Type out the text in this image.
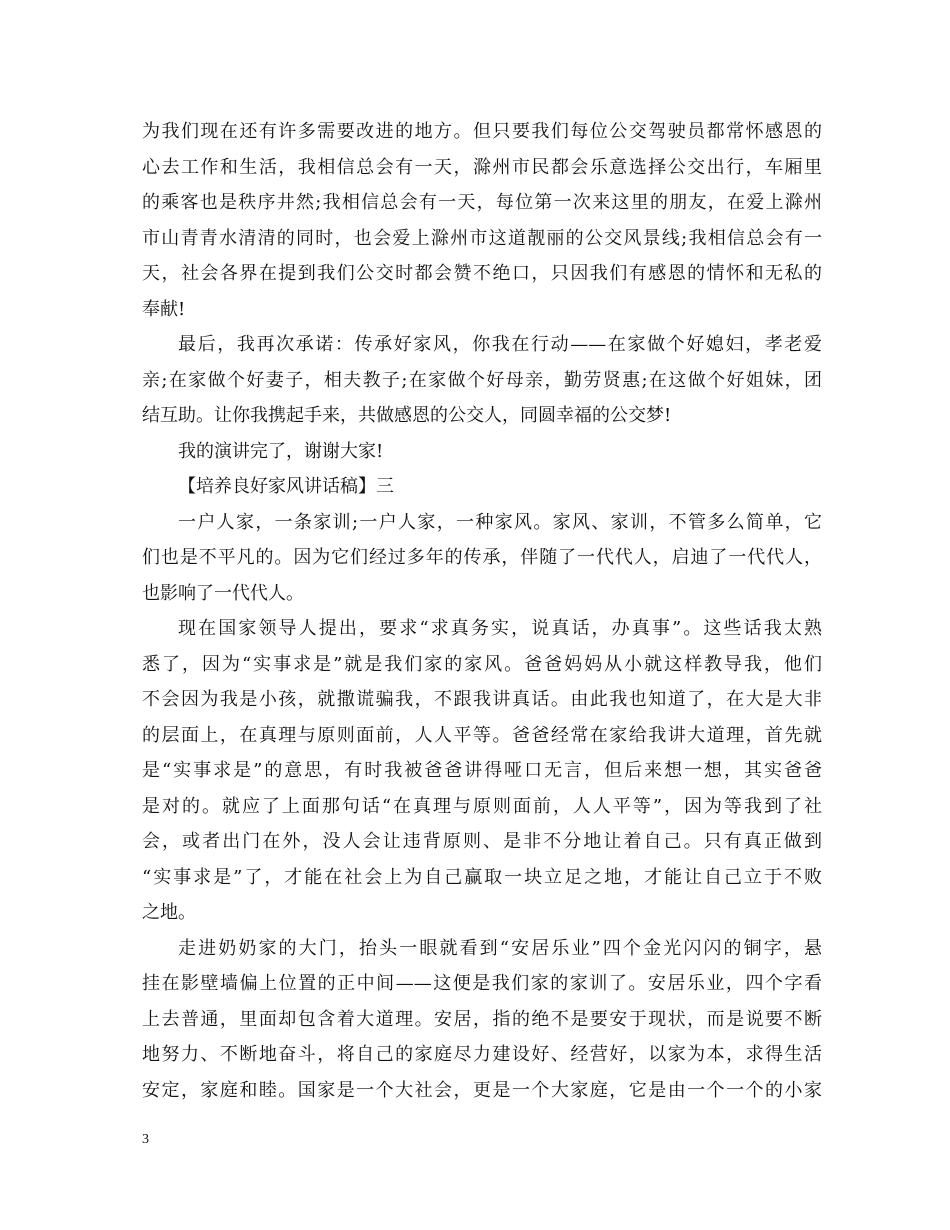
为我们现在还有许多需要改进的地方。但只要我们每位公交驾驶员都常怀感恩的
心去工作和生活，我相信总会有一天，滁州市民都会乐意选择公交出行，车厢里
的乘客也是秩序井然;我相信总会有一天，每位第一次来这里的朋友，在爱上滁州
市山青青水清清的同时，也会爱上滁州市这道靓丽的公交风景线;我相信总会有一
天，社会各界在提到我们公交时都会赞不绝口，只因我们有感恩的情怀和无私的
奉献!
最后，我再次承诺：传承好家风，你我在行动——在家做个好媳妇，孝老爱
亲;在家做个好妻子，相夫教子;在家做个好母亲，勤劳贤惠;在这做个好姐妹，团
结互助。让你我携起手来，共做感恩的公交人，同圆幸福的公交梦!
我的演讲完了，谢谢大家!
【培养良好家风讲话稿】三
一户人家，一条家训;一户人家，一种家风。家风、家训，不管多么简单，它
们也是不平凡的。因为它们经过多年的传承，伴随了一代代人，启迪了一代代人，
也影响了一代代人。
现在国家领导人提出，要求“求真务实，说真话，办真事”。这些话我太熟
悉了，因为“实事求是”就是我们家的家风。爸爸妈妈从小就这样教导我，他们
不会因为我是小孩，就撒谎骗我，不跟我讲真话。由此我也知道了，在大是大非
的层面上，在真理与原则面前，人人平等。爸爸经常在家给我讲大道理，首先就
是“实事求是”的意思，有时我被爸爸讲得哑口无言，但后来想一想，其实爸爸
是对的。就应了上面那句话“在真理与原则面前，人人平等”，因为等我到了社
会，或者出门在外，没人会让违背原则、是非不分地让着自己。只有真正做到
“实事求是”了，才能在社会上为自己赢取一块立足之地，才能让自己立于不败
之地。
走进奶奶家的大门，抬头一眼就看到“安居乐业”四个金光闪闪的铜字，悬
挂在影壁墙偏上位置的正中间——这便是我们家的家训了。安居乐业，四个字看
上去普通，里面却包含着大道理。安居，指的绝不是要安于现状，而是说要不断
地努力、不断地奋斗，将自己的家庭尽力建设好、经营好，以家为本，求得生活
安定，家庭和睦。国家是一个大社会，更是一个大家庭，它是由一个一个的小家
3
